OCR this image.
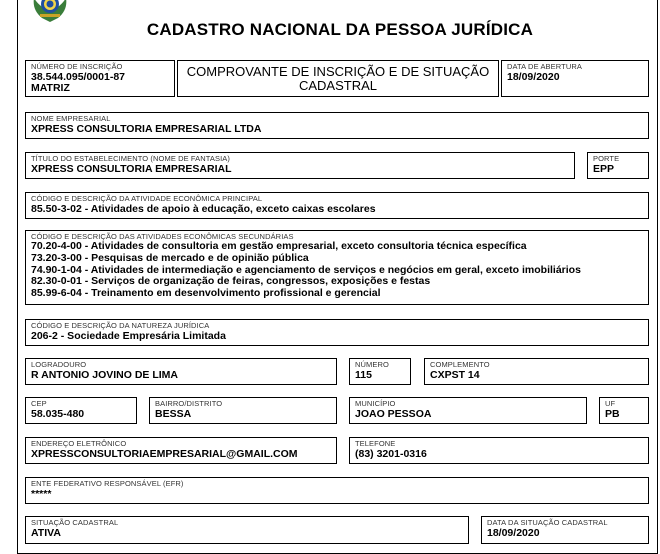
CADASTRO NACIONAL DA PESSOA JURÍDICA
NÚMERO DE INSCRIÇÃO
38.544.095/0001-87
MATRIZ
COMPROVANTE DE INSCRIÇÃO E DE SITUAÇÃO
CADASTRAL
DATA DE ABERTURA
18/09/2020
NOME EMPRESARIAL
XPRESS CONSULTORIA EMPRESARIAL LTDA
TÍTULO DO ESTABELECIMENTO (NOME DE FANTASIA)
XPRESS CONSULTORIA EMPRESARIAL
PORTE
EPP
CÓDIGO E DESCRIÇÃO DA ATIVIDADE ECONÔMICA PRINCIPAL
85.50-3-02 - Atividades de apoio à educação, exceto caixas escolares
CÓDIGO E DESCRIÇÃO DAS ATIVIDADES ECONÔMICAS SECUNDÁRIAS
70.20-4-00 - Atividades de consultoria em gestão empresarial, exceto consultoria técnica específica
73.20-3-00 - Pesquisas de mercado e de opinião pública
74.90-1-04 - Atividades de intermediação e agenciamento de serviços e negócios em geral, exceto imobiliários
82.30-0-01 - Serviços de organização de feiras, congressos, exposições e festas
85.99-6-04 - Treinamento em desenvolvimento profissional e gerencial
CÓDIGO E DESCRIÇÃO DA NATUREZA JURÍDICA
206-2 - Sociedade Empresária Limitada
LOGRADOURO
R ANTONIO JOVINO DE LIMA
NÚMERO
115
COMPLEMENTO
CXPST 14
CEP
58.035-480
BAIRRO/DISTRITO
BESSA
MUNICÍPIO
JOAO PESSOA
UF
PB
ENDEREÇO ELETRÔNICO
XPRESSCONSULTORIAEMPRESARIAL@GMAIL.COM
TELEFONE
(83) 3201-0316
ENTE FEDERATIVO RESPONSÁVEL (EFR)
*****
SITUAÇÃO CADASTRAL
ATIVA
DATA DA SITUAÇÃO CADASTRAL
18/09/2020
